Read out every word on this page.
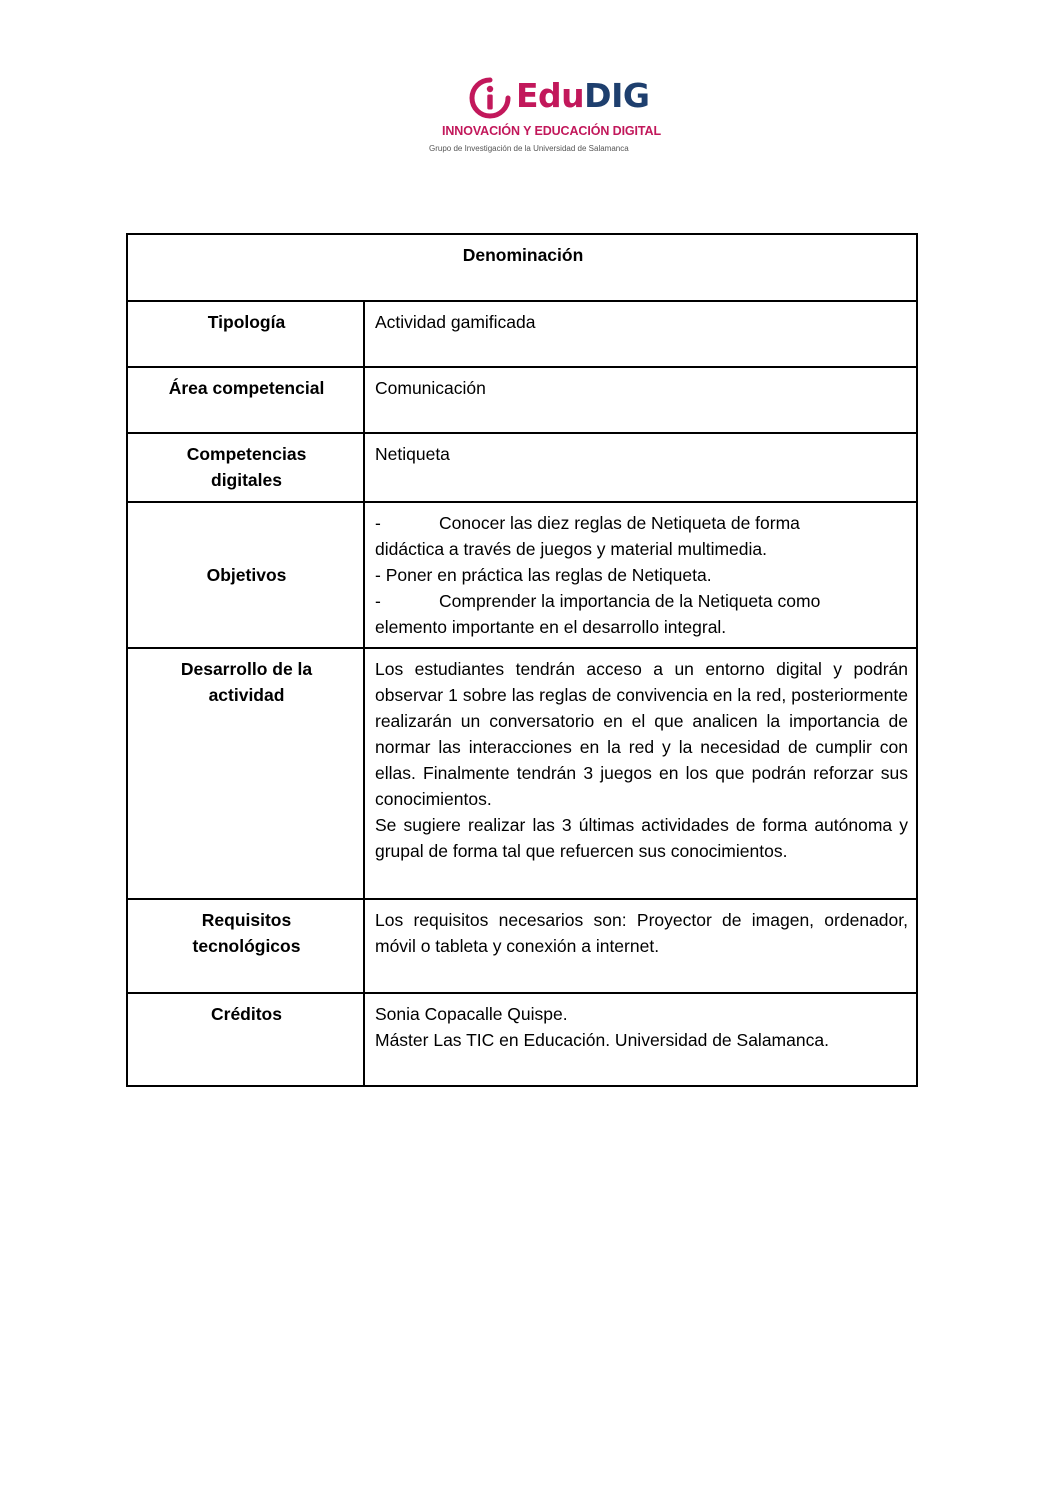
EduDIG
INNOVACIÓN Y EDUCACIÓN DIGITAL
Grupo de Investigación de la Universidad de Salamanca
Denominación	
Tipología	Actividad gamificada
Área competencial	Comunicación

Competencias
digitales	Netiqueta
Objetivos	- Conocer las diez reglas de Netiqueta de forma
didáctica a través de juegos y material multimedia.
- Poner en práctica las reglas de Netiqueta.
- Comprender la importancia de la Netiqueta como
elemento importante en el desarrollo integral.

Desarrollo de la
actividad	Los estudiantes tendrán acceso a un entorno digital y podrán observar 1 sobre las reglas de convivencia en la red, posteriormente realizarán un conversatorio en el que analicen la importancia de normar las interacciones en la red y la necesidad de cumplir con ellas. Finalmente tendrán 3 juegos en los que podrán reforzar sus conocimientos.
Se sugiere realizar las 3 últimas actividades de forma autónoma y grupal de forma tal que refuercen sus conocimientos.

Requisitos
tecnológicos	Los requisitos necesarios son: Proyector de imagen, ordenador, móvil o tableta y conexión a internet.
Créditos	Sonia Copacalle Quispe.
Máster Las TIC en Educación. Universidad de Salamanca.
